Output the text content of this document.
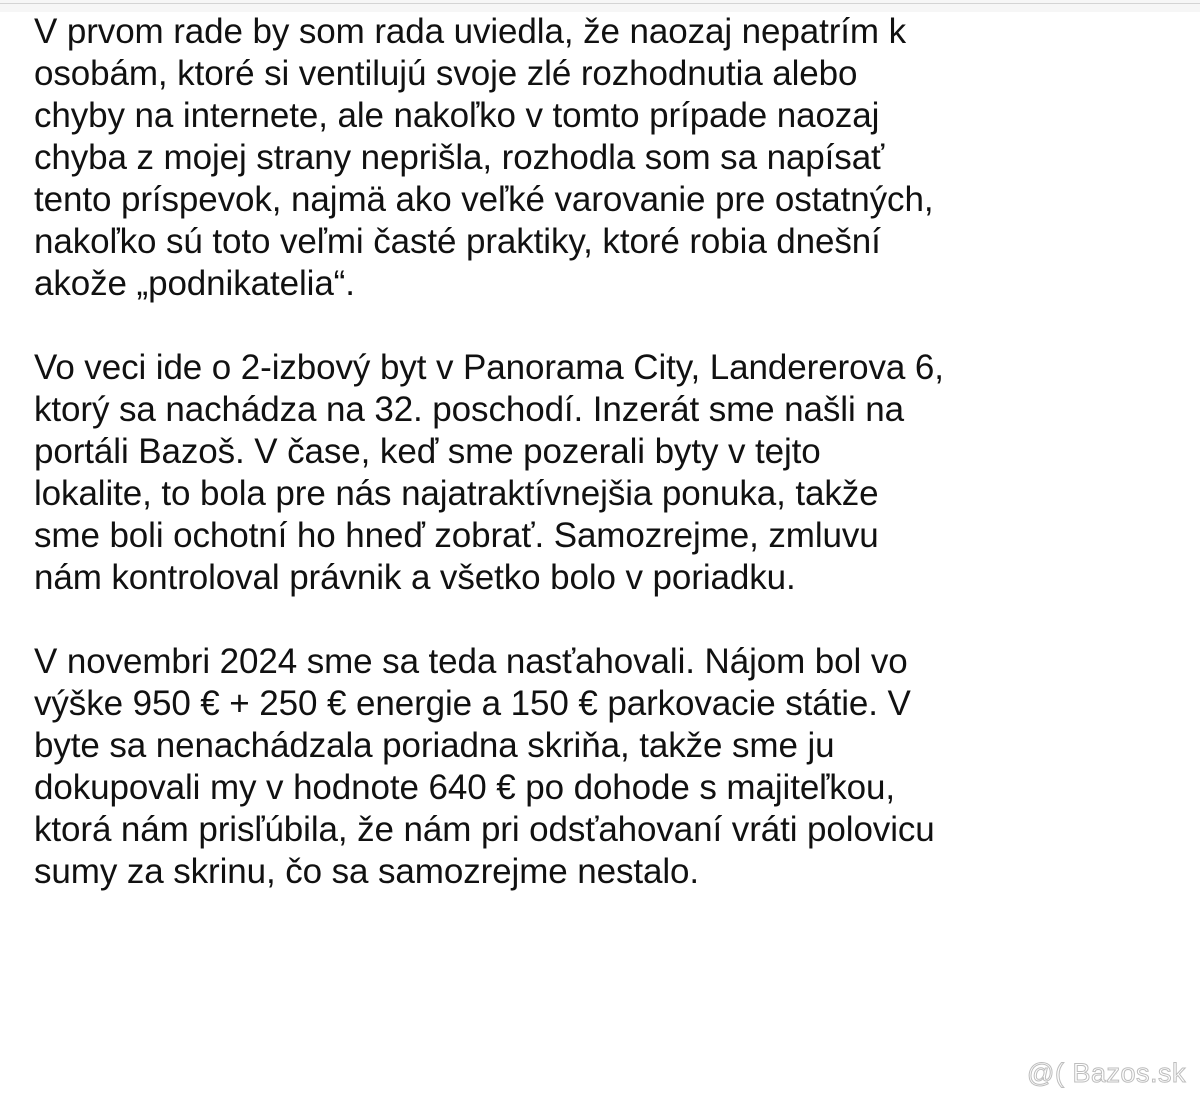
V prvom rade by som rada uviedla, že naozaj nepatrím k
osobám, ktoré si ventilujú svoje zlé rozhodnutia alebo
chyby na internete, ale nakoľko v tomto prípade naozaj
chyba z mojej strany neprišla, rozhodla som sa napísať
tento príspevok, najmä ako veľké varovanie pre ostatných,
nakoľko sú toto veľmi časté praktiky, ktoré robia dnešní
akože „podnikatelia“.
Vo veci ide o 2-izbový byt v Panorama City, Landererova 6,
ktorý sa nachádza na 32. poschodí. Inzerát sme našli na
portáli Bazoš. V čase, keď sme pozerali byty v tejto
lokalite, to bola pre nás najatraktívnejšia ponuka, takže
sme boli ochotní ho hneď zobrať. Samozrejme, zmluvu
nám kontroloval právnik a všetko bolo v poriadku.
V novembri 2024 sme sa teda nasťahovali. Nájom bol vo
výške 950 € + 250 € energie a 150 € parkovacie státie. V
byte sa nenachádzala poriadna skriňa, takže sme ju
dokupovali my v hodnote 640 € po dohode s majiteľkou,
ktorá nám prisľúbila, že nám pri odsťahovaní vráti polovicu
sumy za skrinu, čo sa samozrejme nestalo.
@( Bazos.sk
